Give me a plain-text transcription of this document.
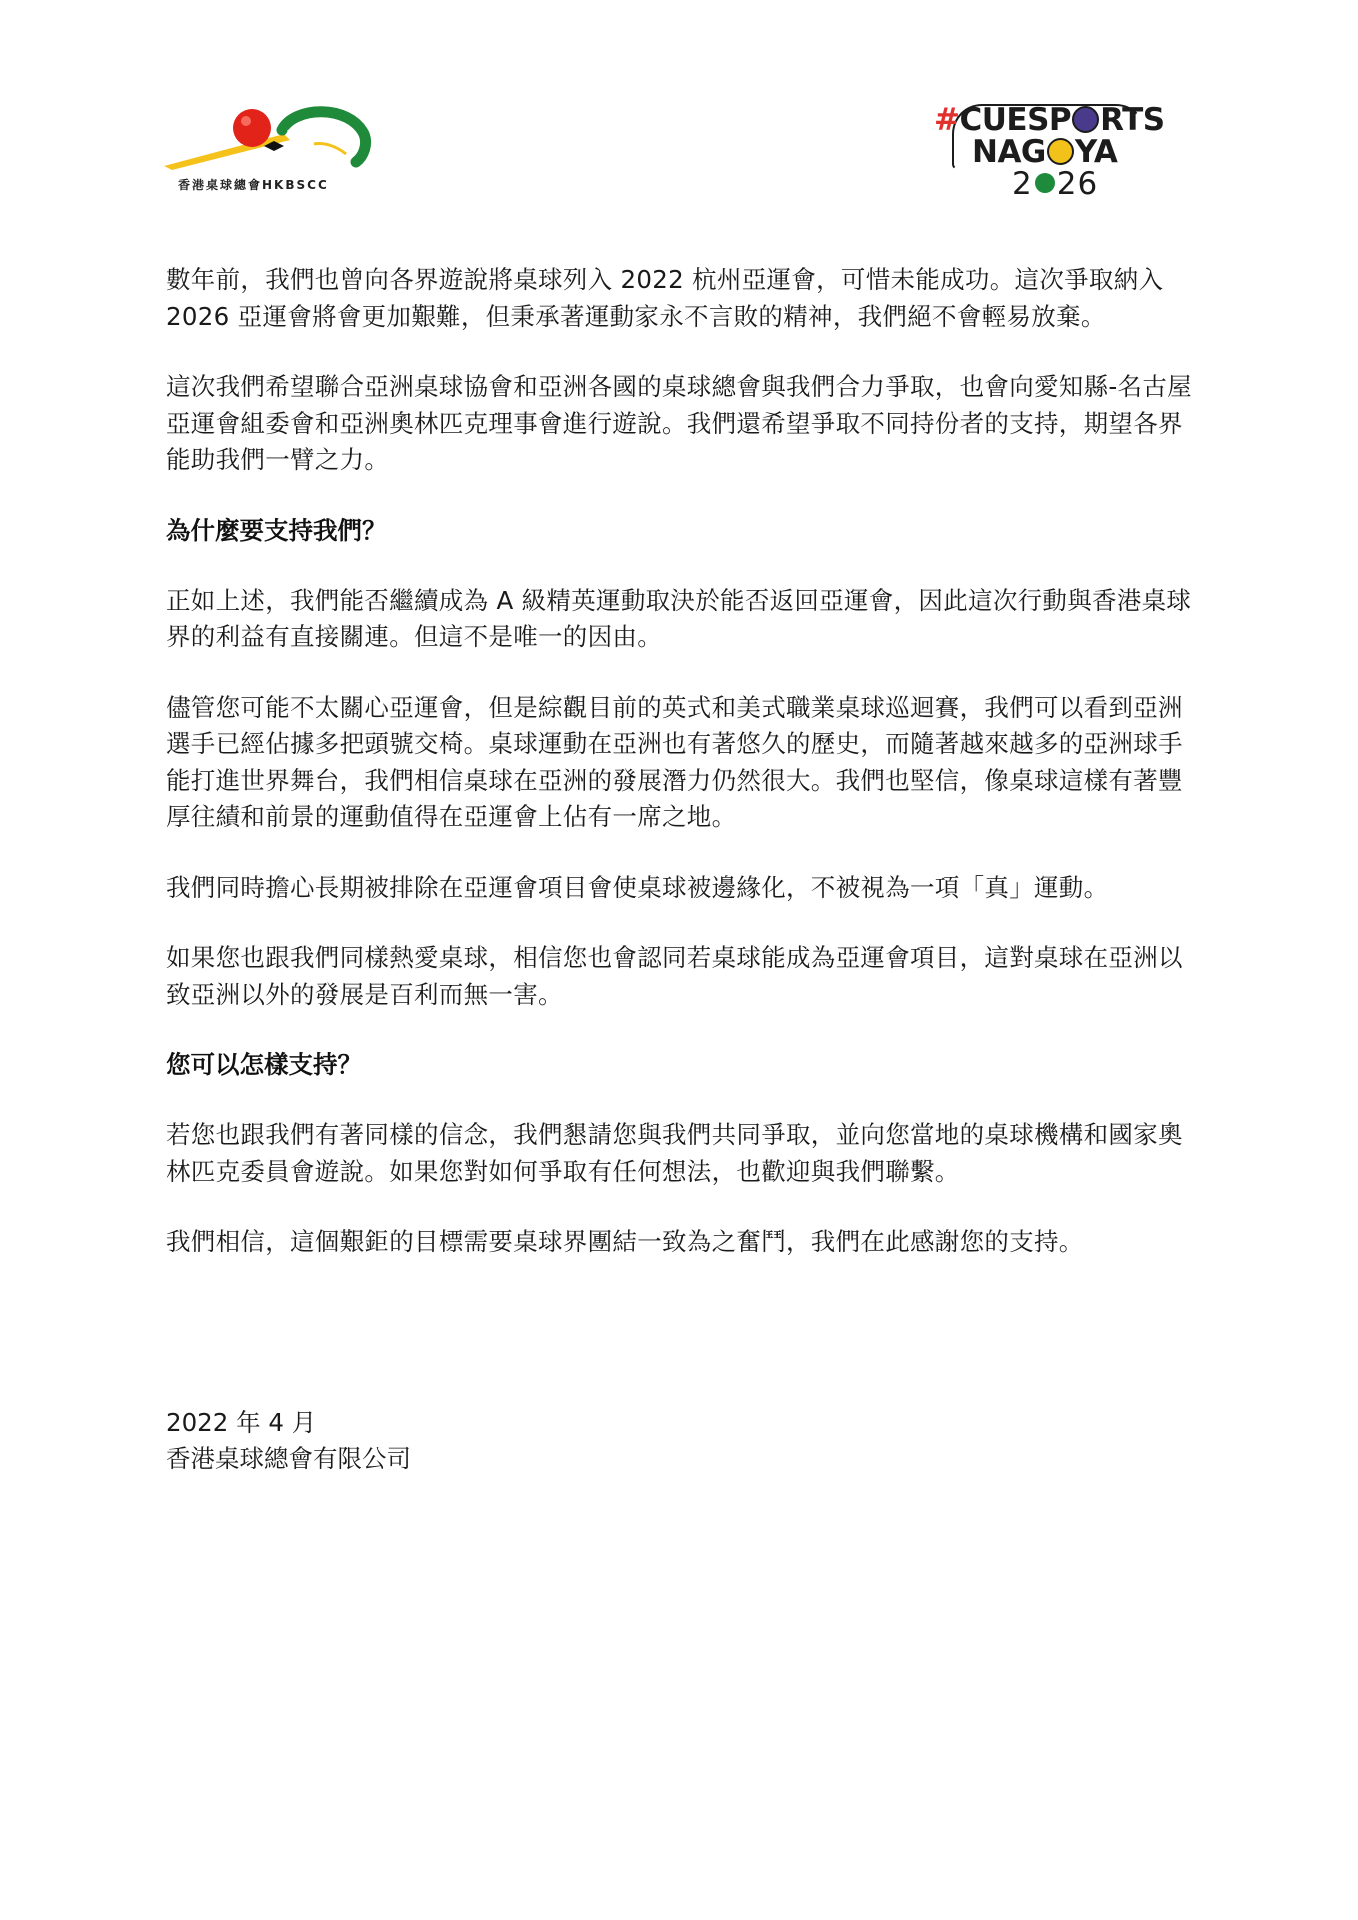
香港桌球總會HKBSCC
#CUESP RTS
NAG YA
2 26

數年前，我們也曾向各界遊說將桌球列入 2022 杭州亞運會，可惜未能成功。這次爭取納入 2026 亞運會將會更加艱難，但秉承著運動家永不言敗的精神，我們絕不會輕易放棄。

這次我們希望聯合亞洲桌球協會和亞洲各國的桌球總會與我們合力爭取，也會向愛知縣-名古屋亞運會組委會和亞洲奧林匹克理事會進行遊說。我們還希望爭取不同持份者的支持，期望各界能助我們一臂之力。

為什麼要支持我們？

正如上述，我們能否繼續成為 A 級精英運動取決於能否返回亞運會，因此這次行動與香港桌球界的利益有直接關連。但這不是唯一的因由。

儘管您可能不太關心亞運會，但是綜觀目前的英式和美式職業桌球巡迴賽，我們可以看到亞洲選手已經佔據多把頭號交椅。桌球運動在亞洲也有著悠久的歷史，而隨著越來越多的亞洲球手能打進世界舞台，我們相信桌球在亞洲的發展潛力仍然很大。我們也堅信，像桌球這樣有著豐厚往績和前景的運動值得在亞運會上佔有一席之地。

我們同時擔心長期被排除在亞運會項目會使桌球被邊緣化，不被視為一項「真」運動。

如果您也跟我們同樣熱愛桌球，相信您也會認同若桌球能成為亞運會項目，這對桌球在亞洲以致亞洲以外的發展是百利而無一害。

您可以怎樣支持？

若您也跟我們有著同樣的信念，我們懇請您與我們共同爭取，並向您當地的桌球機構和國家奧林匹克委員會遊說。如果您對如何爭取有任何想法，也歡迎與我們聯繫。

我們相信，這個艱鉅的目標需要桌球界團結一致為之奮鬥，我們在此感謝您的支持。

2022 年 4 月
香港桌球總會有限公司
